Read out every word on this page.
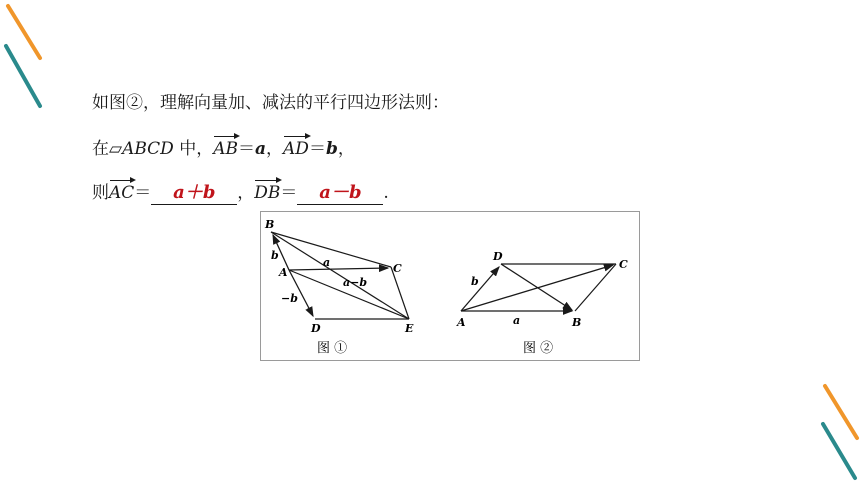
如图②，理解向量加、减法的平行四边形法则：
在▱ABCD 中，AB＝a，AD＝b，
则AC＝ a＋b ，DB＝ a－b .
B
A	C
D	E
b
a
a−b
−b
图 ①
A	B
C
D
a
b
图 ②
